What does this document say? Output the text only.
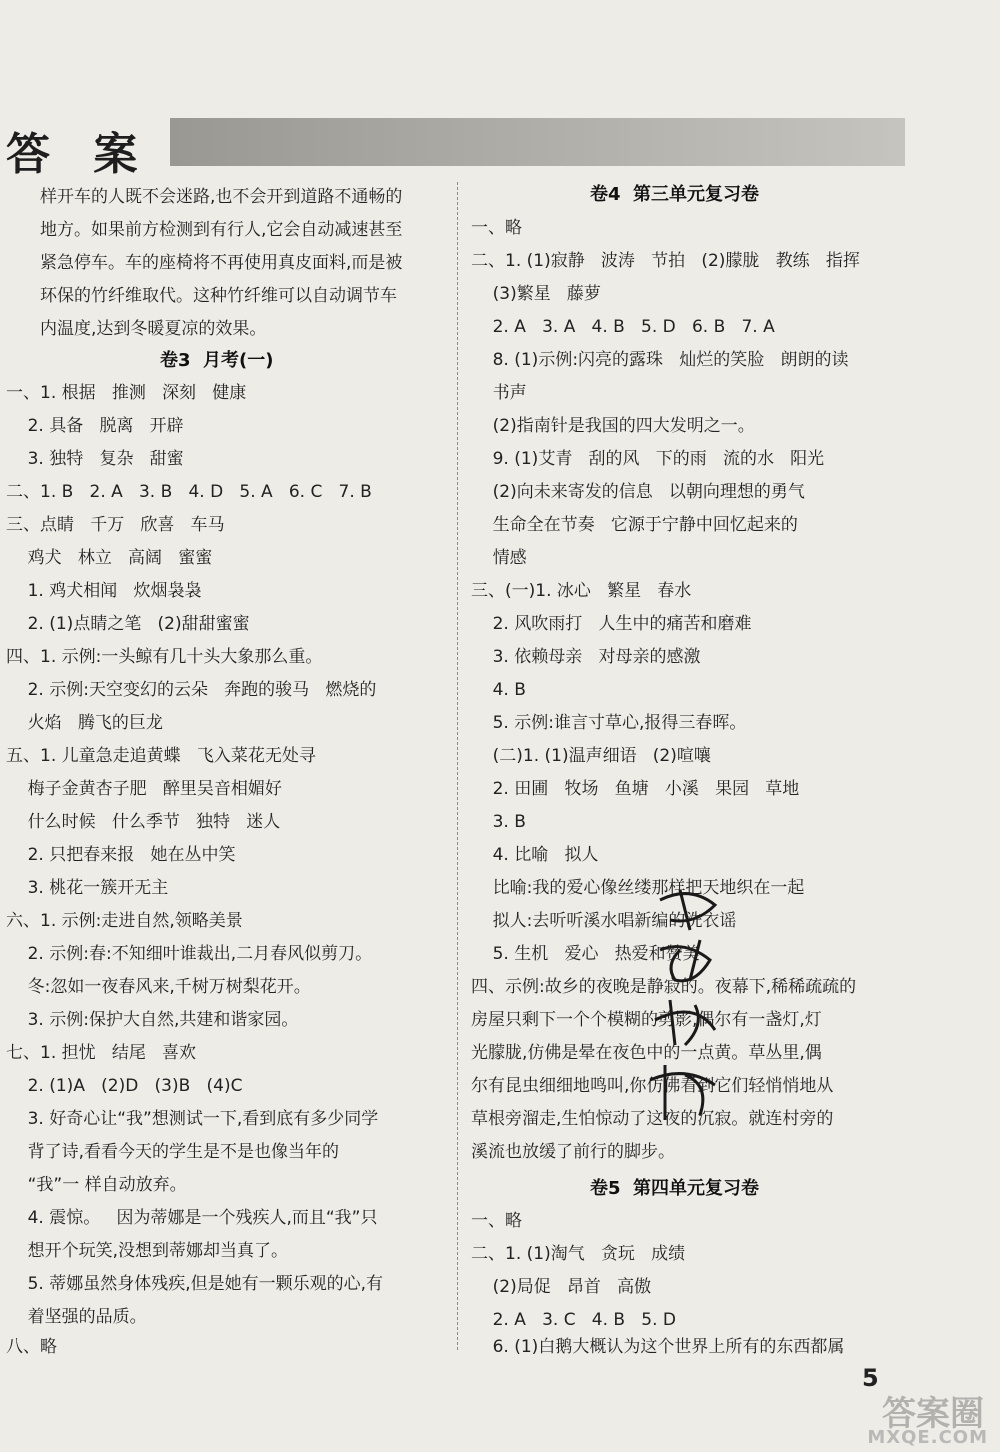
答 案
样开车的人既不会迷路,也不会开到道路不通畅的
地方。如果前方检测到有行人,它会自动减速甚至
紧急停车。车的座椅将不再使用真皮面料,而是被
环保的竹纤维取代。这种竹纤维可以自动调节车
内温度,达到冬暖夏凉的效果。
卷3  月考(一)
一、1. 根据   推测   深刻   健康
2. 具备   脱离   开辟
3. 独特   复杂   甜蜜
二、1. B   2. A   3. B   4. D   5. A   6. C   7. B
三、点睛   千万   欣喜   车马
鸡犬   林立   高阔   蜜蜜
1. 鸡犬相闻   炊烟袅袅
2. (1)点睛之笔   (2)甜甜蜜蜜
四、1. 示例:一头鲸有几十头大象那么重。
2. 示例:天空变幻的云朵   奔跑的骏马   燃烧的
火焰   腾飞的巨龙
五、1. 儿童急走追黄蝶   飞入菜花无处寻
梅子金黄杏子肥   醉里吴音相媚好
什么时候   什么季节   独特   迷人
2. 只把春来报   她在丛中笑
3. 桃花一簇开无主
六、1. 示例:走进自然,领略美景
2. 示例:春:不知细叶谁裁出,二月春风似剪刀。
冬:忽如一夜春风来,千树万树梨花开。
3. 示例:保护大自然,共建和谐家园。
七、1. 担忧   结尾   喜欢
2. (1)A   (2)D   (3)B   (4)C
3. 好奇心让“我”想测试一下,看到底有多少同学
背了诗,看看今天的学生是不是也像当年的
“我”一 样自动放弃。
4. 震惊。   因为蒂娜是一个残疾人,而且“我”只
想开个玩笑,没想到蒂娜却当真了。
5. 蒂娜虽然身体残疾,但是她有一颗乐观的心,有
着坚强的品质。
八、略
卷4  第三单元复习卷
一、略
二、1. (1)寂静   波涛   节拍   (2)朦胧   教练   指挥
(3)繁星   藤萝
2. A   3. A   4. B   5. D   6. B   7. A
8. (1)示例:闪亮的露珠   灿烂的笑脸   朗朗的读
书声
(2)指南针是我国的四大发明之一。
9. (1)艾青   刮的风   下的雨   流的水   阳光
(2)向未来寄发的信息   以朝向理想的勇气
生命全在节奏   它源于宁静中回忆起来的
情感
三、(一)1. 冰心   繁星   春水
2. 风吹雨打   人生中的痛苦和磨难
3. 依赖母亲   对母亲的感激
4. B
5. 示例:谁言寸草心,报得三春晖。
(二)1. (1)温声细语   (2)喧嚷
2. 田圃   牧场   鱼塘   小溪   果园   草地
3. B
4. 比喻   拟人
比喻:我的爱心像丝缕那样把天地织在一起
拟人:去听听溪水唱新编的洗衣谣
5. 生机   爱心   热爱和赞美
四、示例:故乡的夜晚是静寂的。夜幕下,稀稀疏疏的
房屋只剩下一个个模糊的剪影,偶尔有一盏灯,灯
光朦胧,仿佛是晕在夜色中的一点黄。草丛里,偶
尔有昆虫细细地鸣叫,你仿佛看到它们轻悄悄地从
草根旁溜走,生怕惊动了这夜的沉寂。就连村旁的
溪流也放缓了前行的脚步。
卷5  第四单元复习卷
一、略
二、1. (1)淘气   贪玩   成绩
(2)局促   昂首   高傲
2. A   3. C   4. B   5. D
6. (1)白鹅大概认为这个世界上所有的东西都属
5
答案圈
MXQE.COM
